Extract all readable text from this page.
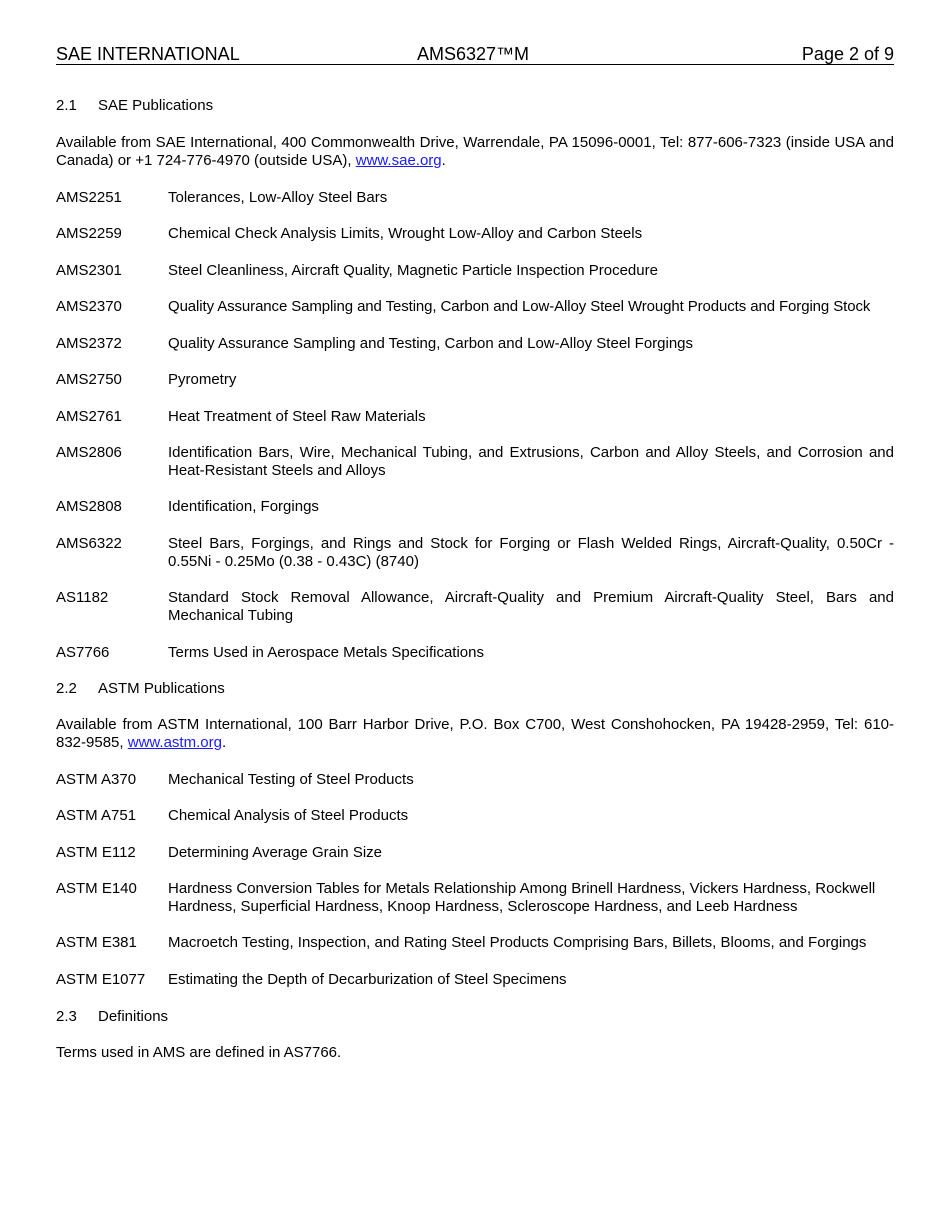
SAE INTERNATIONAL	AMS6327™M	Page 2 of 9
2.1 SAE Publications
Available from SAE International, 400 Commonwealth Drive, Warrendale, PA 15096-0001, Tel: 877-606-7323 (inside USA and Canada) or +1 724-776-4970 (outside USA), www.sae.org.
AMS2251	Tolerances, Low-Alloy Steel Bars
AMS2259	Chemical Check Analysis Limits, Wrought Low-Alloy and Carbon Steels
AMS2301	Steel Cleanliness, Aircraft Quality, Magnetic Particle Inspection Procedure
AMS2370	Quality Assurance Sampling and Testing, Carbon and Low-Alloy Steel Wrought Products and Forging Stock
AMS2372	Quality Assurance Sampling and Testing, Carbon and Low-Alloy Steel Forgings
AMS2750	Pyrometry
AMS2761	Heat Treatment of Steel Raw Materials
AMS2806	Identification Bars, Wire, Mechanical Tubing, and Extrusions, Carbon and Alloy Steels, and Corrosion and Heat-Resistant Steels and Alloys
AMS2808	Identification, Forgings
AMS6322	Steel Bars, Forgings, and Rings and Stock for Forging or Flash Welded Rings, Aircraft-Quality, 0.50Cr - 0.55Ni - 0.25Mo (0.38 - 0.43C) (8740)
AS1182	Standard Stock Removal Allowance, Aircraft-Quality and Premium Aircraft-Quality Steel, Bars and Mechanical Tubing
AS7766	Terms Used in Aerospace Metals Specifications
2.2 ASTM Publications
Available from ASTM International, 100 Barr Harbor Drive, P.O. Box C700, West Conshohocken, PA 19428-2959, Tel: 610-832-9585, www.astm.org.
ASTM A370	Mechanical Testing of Steel Products
ASTM A751	Chemical Analysis of Steel Products
ASTM E112	Determining Average Grain Size
ASTM E140	Hardness Conversion Tables for Metals Relationship Among Brinell Hardness, Vickers Hardness, Rockwell Hardness, Superficial Hardness, Knoop Hardness, Scleroscope Hardness, and Leeb Hardness
ASTM E381	Macroetch Testing, Inspection, and Rating Steel Products Comprising Bars, Billets, Blooms, and Forgings
ASTM E1077	Estimating the Depth of Decarburization of Steel Specimens
2.3 Definitions
Terms used in AMS are defined in AS7766.
